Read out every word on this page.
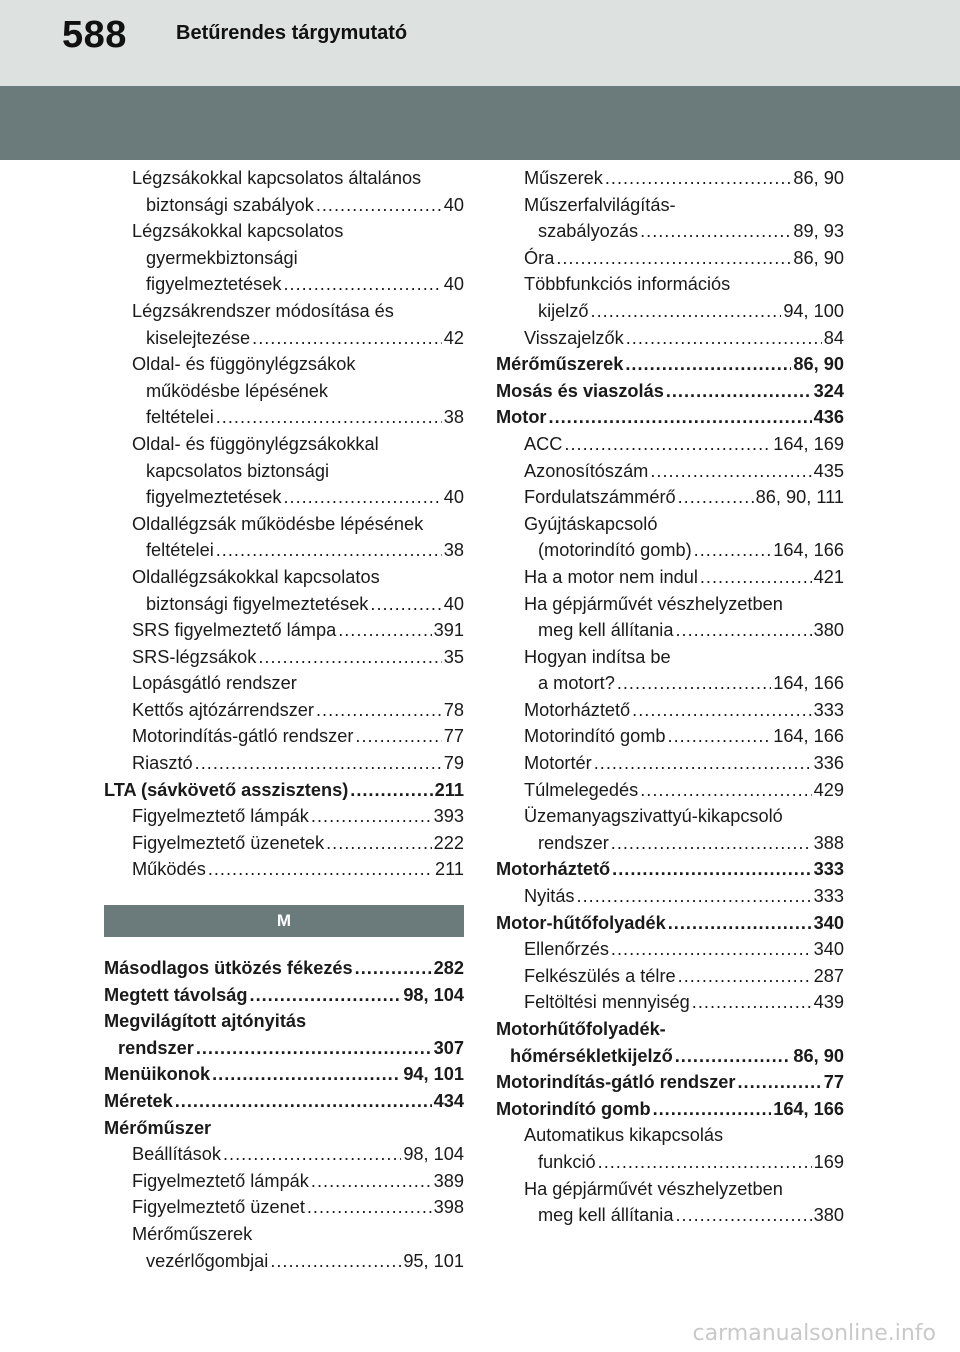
588 Betűrendes tárgymutató
Légzsákokkal kapcsolatos általános
biztonsági szabályok .....	40
Légzsákokkal kapcsolatos
gyermekbiztonsági
figyelmeztetések .....	40
Légzsákrendszer módosítása és
kiselejtezése .....	42
Oldal- és függönylégzsákok
működésbe lépésének
feltételei .....	38
Oldal- és függönylégzsákokkal
kapcsolatos biztonsági
figyelmeztetések .....	40
Oldallégzsák működésbe lépésének
feltételei .....	38
Oldallégzsákokkal kapcsolatos
biztonsági figyelmeztetések .....	40
SRS figyelmeztető lámpa .....	391
SRS-légzsákok .....	35
Lopásgátló rendszer
Kettős ajtózárrendszer .....	78
Motorindítás-gátló rendszer .....	77
Riasztó .....	79
LTA (sávkövető asszisztens) .....	211
Figyelmeztető lámpák .....	393
Figyelmeztető üzenetek .....	222
Működés .....	211
M
Másodlagos ütközés fékezés .....	282
Megtett távolság .....	98, 104
Megvilágított ajtónyitás
rendszer .....	307
Menüikonok .....	94, 101
Méretek .....	434
Mérőműszer
Beállítások .....	98, 104
Figyelmeztető lámpák .....	389
Figyelmeztető üzenet .....	398
Mérőműszerek
vezérlőgombjai .....	95, 101
Műszerek .....	86, 90
Műszerfalvilágítás-
szabályozás .....	89, 93
Óra .....	86, 90
Többfunkciós információs
kijelző .....	94, 100
Visszajelzők .....	84
Mérőműszerek .....	86, 90
Mosás és viaszolás .....	324
Motor .....	436
ACC .....	164, 169
Azonosítószám .....	435
Fordulatszámmérő .....	86, 90, 111
Gyújtáskapcsoló
(motorindító gomb) .....	164, 166
Ha a motor nem indul .....	421
Ha gépjárművét vészhelyzetben
meg kell állítania .....	380
Hogyan indítsa be
a motort? .....	164, 166
Motorháztető .....	333
Motorindító gomb .....	164, 166
Motortér .....	336
Túlmelegedés .....	429
Üzemanyagszivattyú-kikapcsoló
rendszer .....	388
Motorháztető .....	333
Nyitás .....	333
Motor-hűtőfolyadék .....	340
Ellenőrzés .....	340
Felkészülés a télre .....	287
Feltöltési mennyiség .....	439
Motorhűtőfolyadék-
hőmérsékletkijelző .....	86, 90
Motorindítás-gátló rendszer .....	77
Motorindító gomb .....	164, 166
Automatikus kikapcsolás
funkció .....	169
Ha gépjárművét vészhelyzetben
meg kell állítania .....	380
carmanualsonline.info
